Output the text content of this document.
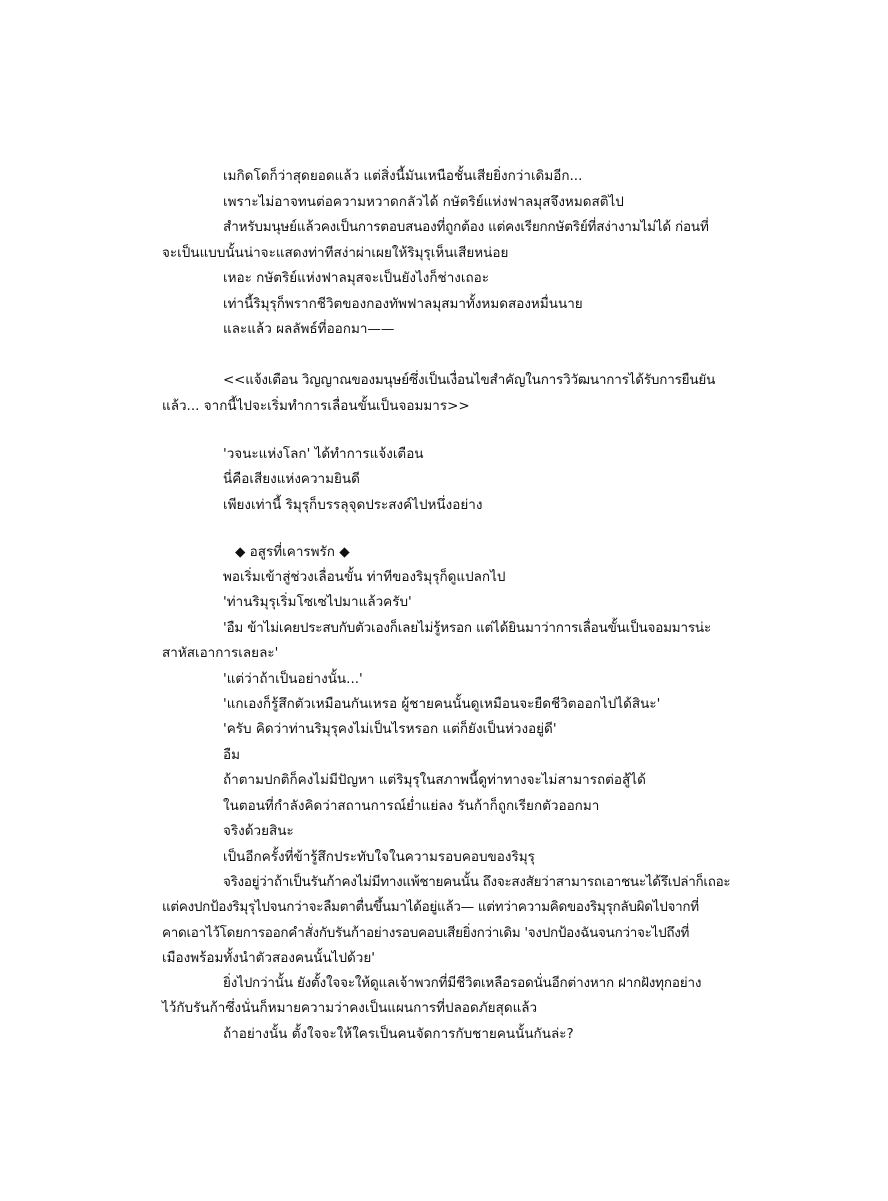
เมกิดโดก็ว่าสุดยอดแล้ว แต่สิ่งนี้มันเหนือชั้นเสียยิ่งกว่าเดิมอีก...
เพราะไม่อาจทนต่อความหวาดกลัวได้ กษัตริย์แห่งฟาลมุสจึงหมดสติไป
สำหรับมนุษย์แล้วคงเป็นการตอบสนองที่ถูกต้อง แต่คงเรียกกษัตริย์ที่สง่างามไม่ได้ ก่อนที่
จะเป็นแบบนั้นน่าจะแสดงท่าทีสง่าผ่าเผยให้ริมุรุเห็นเสียหน่อย
เหอะ กษัตริย์แห่งฟาลมุสจะเป็นยังไงก็ช่างเถอะ
เท่านี้ริมุรุก็พรากชีวิตของกองทัพฟาลมุสมาทั้งหมดสองหมื่นนาย
และแล้ว ผลลัพธ์ที่ออกมา——
<<แจ้งเตือน วิญญาณของมนุษย์ซึ่งเป็นเงื่อนไขสำคัญในการวิวัฒนาการได้รับการยืนยัน
แล้ว... จากนี้ไปจะเริ่มทำการเลื่อนขั้นเป็นจอมมาร>>
'วจนะแห่งโลก' ได้ทำการแจ้งเตือน
นี่คือเสียงแห่งความยินดี
เพียงเท่านี้ ริมุรุก็บรรลุจุดประสงค์ไปหนึ่งอย่าง
◆ อสูรที่เคารพรัก ◆
พอเริ่มเข้าสู่ช่วงเลื่อนขั้น ท่าทีของริมุรุก็ดูแปลกไป
'ท่านริมุรุเริ่มโซเซไปมาแล้วครับ'
'อืม ข้าไม่เคยประสบกับตัวเองก็เลยไม่รู้หรอก แต่ได้ยินมาว่าการเลื่อนขั้นเป็นจอมมารน่ะ
สาหัสเอาการเลยละ'
'แต่ว่าถ้าเป็นอย่างนั้น...'
'แกเองก็รู้สึกตัวเหมือนกันเหรอ ผู้ชายคนนั้นดูเหมือนจะยืดชีวิตออกไปได้สินะ'
'ครับ คิดว่าท่านริมุรุคงไม่เป็นไรหรอก แต่ก็ยังเป็นห่วงอยู่ดี'
อืม
ถ้าตามปกติก็คงไม่มีปัญหา แต่ริมุรุในสภาพนี้ดูท่าทางจะไม่สามารถต่อสู้ได้
ในตอนที่กำลังคิดว่าสถานการณ์ย่ำแย่ลง รันก้าก็ถูกเรียกตัวออกมา
จริงด้วยสินะ
เป็นอีกครั้งที่ข้ารู้สึกประทับใจในความรอบคอบของริมุรุ
จริงอยู่ว่าถ้าเป็นรันก้าคงไม่มีทางแพ้ชายคนนั้น ถึงจะสงสัยว่าสามารถเอาชนะได้รึเปล่าก็เถอะ
แต่คงปกป้องริมุรุไปจนกว่าจะลืมตาตื่นขึ้นมาได้อยู่แล้ว— แต่ทว่าความคิดของริมุรุกลับผิดไปจากที่
คาดเอาไว้โดยการออกคำสั่งกับรันก้าอย่างรอบคอบเสียยิ่งกว่าเดิม 'จงปกป้องฉันจนกว่าจะไปถึงที่
เมืองพร้อมทั้งนำตัวสองคนนั้นไปด้วย'
ยิ่งไปกว่านั้น ยังตั้งใจจะให้ดูแลเจ้าพวกที่มีชีวิตเหลือรอดนั่นอีกต่างหาก ฝากฝังทุกอย่าง
ไว้กับรันก้าซึ่งนั่นก็หมายความว่าคงเป็นแผนการที่ปลอดภัยสุดแล้ว
ถ้าอย่างนั้น ตั้งใจจะให้ใครเป็นคนจัดการกับชายคนนั้นกันล่ะ?
